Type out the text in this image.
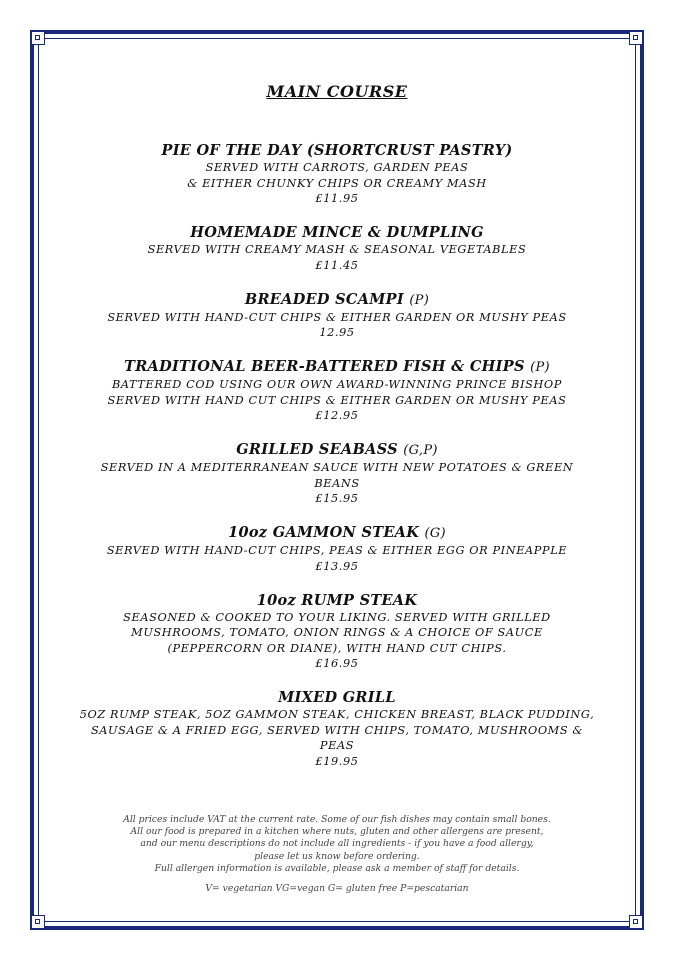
MAIN COURSE
PIE OF THE DAY (SHORTCRUST PASTRY)
SERVED WITH CARROTS, GARDEN PEAS
& EITHER CHUNKY CHIPS OR CREAMY MASH
£11.95
HOMEMADE MINCE & DUMPLING
SERVED WITH CREAMY MASH & SEASONAL VEGETABLES
£11.45
BREADED SCAMPI (P)
SERVED WITH HAND-CUT CHIPS & EITHER GARDEN OR MUSHY PEAS
12.95
TRADITIONAL BEER-BATTERED FISH & CHIPS (P)
BATTERED COD USING OUR OWN AWARD-WINNING PRINCE BISHOP
SERVED WITH HAND CUT CHIPS & EITHER GARDEN OR MUSHY PEAS
£12.95
GRILLED SEABASS (G,P)
SERVED IN A MEDITERRANEAN SAUCE WITH NEW POTATOES & GREEN
BEANS
£15.95
10oz GAMMON STEAK (G)
SERVED WITH HAND-CUT CHIPS, PEAS & EITHER EGG OR PINEAPPLE
£13.95
10oz RUMP STEAK
SEASONED & COOKED TO YOUR LIKING. SERVED WITH GRILLED
MUSHROOMS, TOMATO, ONION RINGS & A CHOICE OF SAUCE
(PEPPERCORN OR DIANE), WITH HAND CUT CHIPS.
£16.95
MIXED GRILL
5OZ RUMP STEAK, 5OZ GAMMON STEAK, CHICKEN BREAST, BLACK PUDDING,
SAUSAGE & A FRIED EGG, SERVED WITH CHIPS, TOMATO, MUSHROOMS &
PEAS
£19.95
All prices include VAT at the current rate. Some of our fish dishes may contain small bones.
All our food is prepared in a kitchen where nuts, gluten and other allergens are present,
and our menu descriptions do not include all ingredients - if you have a food allergy,
please let us know before ordering.
Full allergen information is available, please ask a member of staff for details.
V= vegetarian VG=vegan G= gluten free P=pescatarian
